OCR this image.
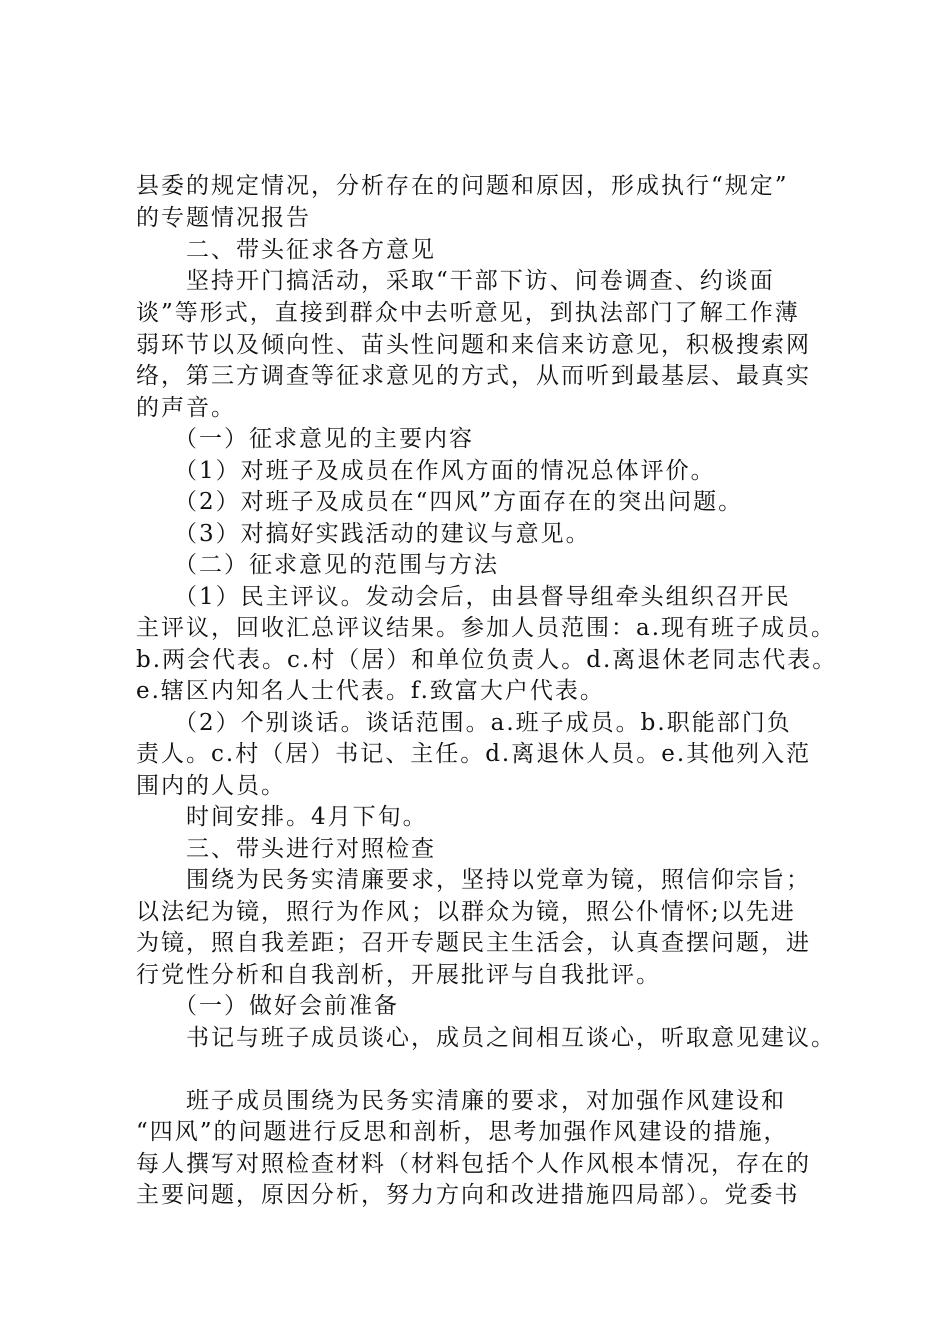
县委的规定情况，分析存在的问题和原因，形成执行“规定”
的专题情况报告
二、带头征求各方意见
坚持开门搞活动，采取“干部下访、问卷调查、约谈面
谈”等形式，直接到群众中去听意见，到执法部门了解工作薄
弱环节以及倾向性、苗头性问题和来信来访意见，积极搜索网
络，第三方调查等征求意见的方式，从而听到最基层、最真实
的声音。
（一）征求意见的主要内容
（1）对班子及成员在作风方面的情况总体评价。
（2）对班子及成员在“四风”方面存在的突出问题。
（3）对搞好实践活动的建议与意见。
（二）征求意见的范围与方法
（1）民主评议。发动会后，由县督导组牵头组织召开民
主评议，回收汇总评议结果。参加人员范围：a.现有班子成员。
b.两会代表。c.村（居）和单位负责人。d.离退休老同志代表。
e.辖区内知名人士代表。f.致富大户代表。
（2）个别谈话。谈话范围。a.班子成员。b.职能部门负
责人。c.村（居）书记、主任。d.离退休人员。e.其他列入范
围内的人员。
时间安排。4月下旬。
三、带头进行对照检查
围绕为民务实清廉要求，坚持以党章为镜，照信仰宗旨；
以法纪为镜，照行为作风；以群众为镜，照公仆情怀;以先进
为镜，照自我差距；召开专题民主生活会，认真查摆问题，进
行党性分析和自我剖析，开展批评与自我批评。
（一）做好会前准备
书记与班子成员谈心，成员之间相互谈心，听取意见建议。
班子成员围绕为民务实清廉的要求，对加强作风建设和
“四风”的问题进行反思和剖析，思考加强作风建设的措施，
每人撰写对照检查材料（材料包括个人作风根本情况，存在的
主要问题，原因分析，努力方向和改进措施四局部）。党委书
